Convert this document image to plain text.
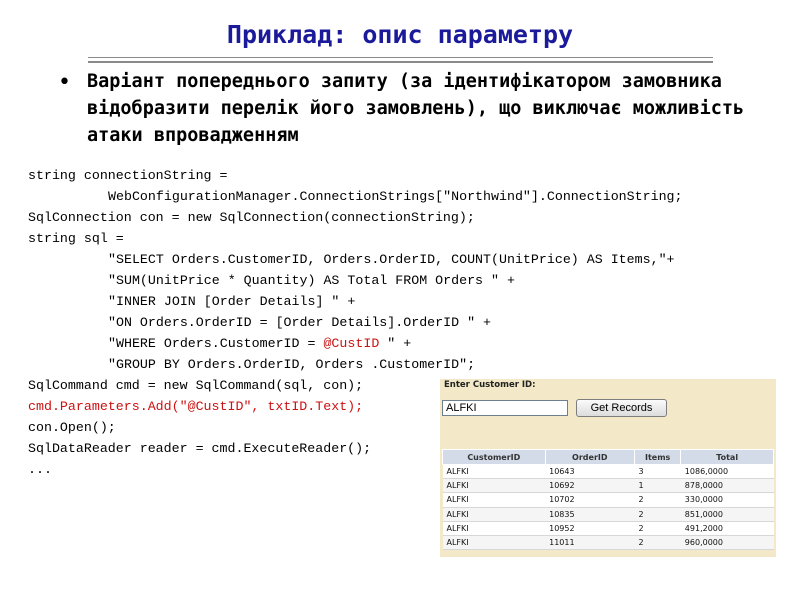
Приклад: опис параметру
• Варіант попереднього запиту (за ідентифікатором замовника відобразити перелік його замовлень), що виключає можливість атаки впровадженням
string connectionString =
WebConfigurationManager.ConnectionStrings["Northwind"].ConnectionString;
SqlConnection con = new SqlConnection(connectionString);
string sql =
"SELECT Orders.CustomerID, Orders.OrderID, COUNT(UnitPrice) AS Items,"+
"SUM(UnitPrice * Quantity) AS Total FROM Orders " +
"INNER JOIN [Order Details] " +
"ON Orders.OrderID = [Order Details].OrderID " +
"WHERE Orders.CustomerID = @CustID " +
"GROUP BY Orders.OrderID, Orders .CustomerID";
SqlCommand cmd = new SqlCommand(sql, con);
cmd.Parameters.Add("@CustID", txtID.Text);
con.Open();
SqlDataReader reader = cmd.ExecuteReader();
...
Enter Customer ID:
ALFKI	Get Records
CustomerID	OrderID	Items	Total
ALFKI	10643	3	1086,0000
ALFKI	10692	1	878,0000
ALFKI	10702	2	330,0000
ALFKI	10835	2	851,0000
ALFKI	10952	2	491,2000
ALFKI	11011	2	960,0000
